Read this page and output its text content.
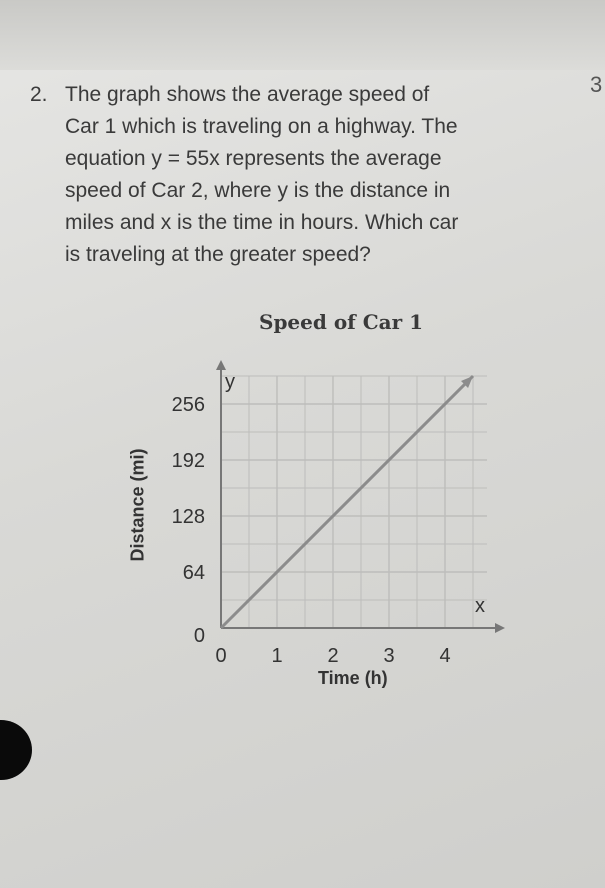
3
2. The graph shows the average speed of
Car 1 which is traveling on a highway. The
equation y = 55x represents the average
speed of Car 2, where y is the distance in
miles and x is the time in hours. Which car
is traveling at the greater speed?
Speed of Car 1
Distance (mi)
Time (h)
y
x
0 1 2 3 4
0
64
128
192
256
